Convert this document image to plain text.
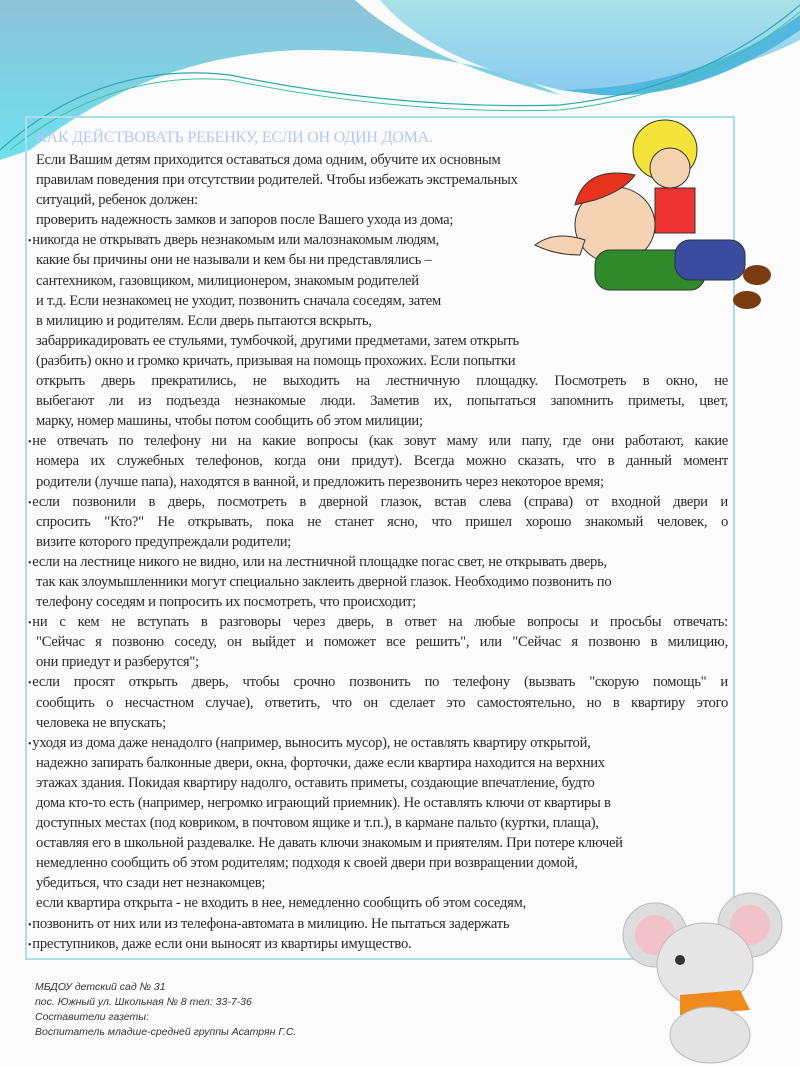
КАК ДЕЙСТВОВАТЬ РЕБЕНКУ, ЕСЛИ ОН ОДИН ДОМА.
Если Вашим детям приходится оставаться дома одним, обучите их основным
правилам поведения при отсутствии родителей. Чтобы избежать экстремальных
ситуаций, ребенок должен:
проверить надежность замков и запоров после Вашего ухода из дома;
• никогда не открывать дверь незнакомым или малознакомым людям,
какие бы причины они не называли и кем бы ни представлялись –
сантехником, газовщиком, милиционером, знакомым родителей
и т.д. Если незнакомец не уходит, позвонить сначала соседям, затем
в милицию и родителям. Если дверь пытаются вскрыть,
забаррикадировать ее стульями, тумбочкой, другими предметами, затем открыть
(разбить) окно и громко кричать, призывая на помощь прохожих. Если попытки
открыть дверь прекратились, не выходить на лестничную площадку. Посмотреть в окно, не
выбегают ли из подъезда незнакомые люди. Заметив их, попытаться запомнить приметы, цвет,
марку, номер машины, чтобы потом сообщить об этом милиции;
• не отвечать по телефону ни на какие вопросы (как зовут маму или папу, где они работают, какие
номера их служебных телефонов, когда они придут). Всегда можно сказать, что в данный момент
родители (лучше папа), находятся в ванной, и предложить перезвонить через некоторое время;
• если позвонили в дверь, посмотреть в дверной глазок, встав слева (справа) от входной двери и
спросить "Кто?" Не открывать, пока не станет ясно, что пришел хорошо знакомый человек, о
визите которого предупреждали родители;
• если на лестнице никого не видно, или на лестничной площадке погас свет, не открывать дверь,
так как злоумышленники могут специально заклеить дверной глазок. Необходимо позвонить по
телефону соседям и попросить их посмотреть, что происходит;
• ни с кем не вступать в разговоры через дверь, в ответ на любые вопросы и просьбы отвечать:
"Сейчас я позвоню соседу, он выйдет и поможет все решить", или "Сейчас я позвоню в милицию,
они приедут и разберутся";
• если просят открыть дверь, чтобы срочно позвонить по телефону (вызвать "скорую помощь" и
сообщить о несчастном случае), ответить, что он сделает это самостоятельно, но в квартиру этого
человека не впускать;
• уходя из дома даже ненадолго (например, выносить мусор), не оставлять квартиру открытой,
надежно запирать балконные двери, окна, форточки, даже если квартира находится на верхних
этажах здания. Покидая квартиру надолго, оставить приметы, создающие впечатление, будто
дома кто-то есть (например, негромко играющий приемник). Не оставлять ключи от квартиры в
доступных местах (под ковриком, в почтовом ящике и т.п.), в кармане пальто (куртки, плаща),
оставляя его в школьной раздевалке. Не давать ключи знакомым и приятелям. При потере ключей
немедленно сообщить об этом родителям; подходя к своей двери при возвращении домой,
убедиться, что сзади нет незнакомцев;
если квартира открыта - не входить в нее, немедленно сообщить об этом соседям,
• позвонить от них или из телефона-автомата в милицию. Не пытаться задержать
• преступников, даже если они выносят из квартиры имущество.
МБДОУ детский сад № 31
пос. Южный ул. Школьная № 8 тел: 33-7-36
Составители газеты:
Воспитатель младше-средней группы Асатрян Г.С.
